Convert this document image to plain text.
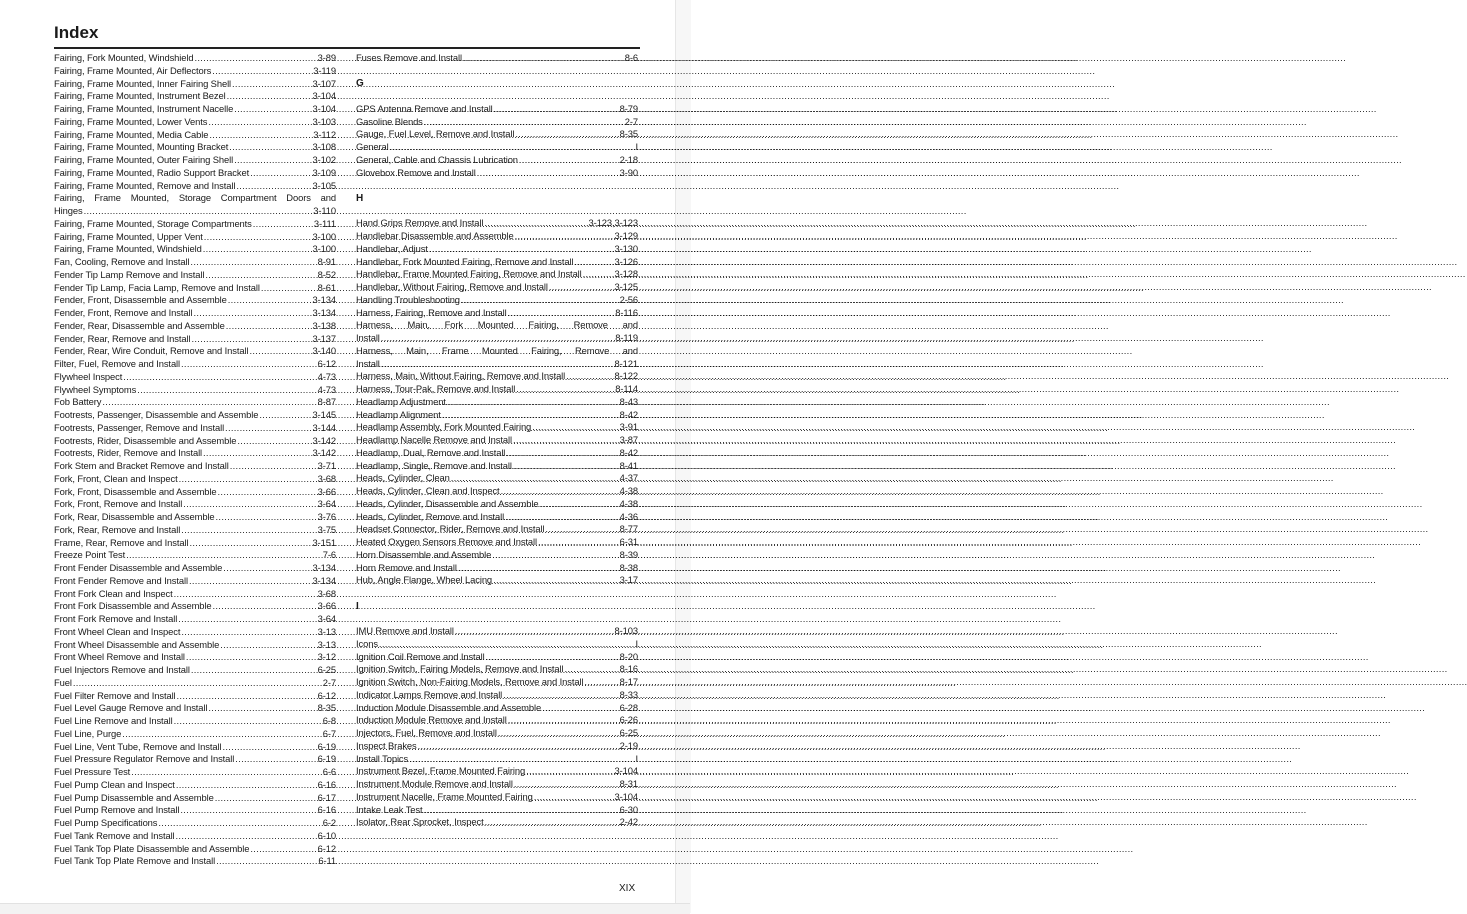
Index
Fairing, Fork Mounted, Windshield .....	3-89
Fairing, Frame Mounted, Air Deflectors .....	3-119
Fairing, Frame Mounted, Inner Fairing Shell .....	3-107
Fairing, Frame Mounted, Instrument Bezel .....	3-104
Fairing, Frame Mounted, Instrument Nacelle .....	3-104
Fairing, Frame Mounted, Lower Vents .....	3-103
Fairing, Frame Mounted, Media Cable .....	3-112
Fairing, Frame Mounted, Mounting Bracket .....	3-108
Fairing, Frame Mounted, Outer Fairing Shell .....	3-102
Fairing, Frame Mounted, Radio Support Bracket .....	3-109
Fairing, Frame Mounted, Remove and Install .....	3-105
Fairing, Frame Mounted, Storage Compartment Doors and
Hinges .....	3-110
Fairing, Frame Mounted, Storage Compartments .....	3-111
Fairing, Frame Mounted, Upper Vent .....	3-100
Fairing, Frame Mounted, Windshield .....	3-100
Fan, Cooling, Remove and Install .....	8-91
Fender Tip Lamp Remove and Install .....	8-52
Fender Tip Lamp, Facia Lamp, Remove and Install .....	8-61
Fender, Front, Disassemble and Assemble .....	3-134
Fender, Front, Remove and Install .....	3-134
Fender, Rear, Disassemble and Assemble .....	3-138
Fender, Rear, Remove and Install .....	3-137
Fender, Rear, Wire Conduit, Remove and Install .....	3-140
Filter, Fuel, Remove and Install .....	6-12
Flywheel Inspect .....	4-73
Flywheel Symptoms .....	4-73
Fob Battery .....	8-87
Footrests, Passenger, Disassemble and Assemble .....	3-145
Footrests, Passenger, Remove and Install .....	3-144
Footrests, Rider, Disassemble and Assemble .....	3-142
Footrests, Rider, Remove and Install .....	3-142
Fork Stem and Bracket Remove and Install .....	3-71
Fork, Front, Clean and Inspect .....	3-68
Fork, Front, Disassemble and Assemble .....	3-66
Fork, Front, Remove and Install .....	3-64
Fork, Rear, Disassemble and Assemble .....	3-76
Fork, Rear, Remove and Install .....	3-75
Frame, Rear, Remove and Install .....	3-151
Freeze Point Test .....	7-6
Front Fender Disassemble and Assemble .....	3-134
Front Fender Remove and Install .....	3-134
Front Fork Clean and Inspect .....	3-68
Front Fork Disassemble and Assemble .....	3-66
Front Fork Remove and Install .....	3-64
Front Wheel Clean and Inspect .....	3-13
Front Wheel Disassemble and Assemble .....	3-13
Front Wheel Remove and Install .....	3-12
Fuel Injectors Remove and Install .....	6-25
Fuel .....	2-7
Fuel Filter Remove and Install .....	6-12
Fuel Level Gauge Remove and Install .....	8-35
Fuel Line Remove and Install .....	6-8
Fuel Line, Purge .....	6-7
Fuel Line, Vent Tube, Remove and Install .....	6-19
Fuel Pressure Regulator Remove and Install .....	6-19
Fuel Pressure Test .....	6-6
Fuel Pump Clean and Inspect .....	6-16
Fuel Pump Disassemble and Assemble .....	6-17
Fuel Pump Remove and Install .....	6-16
Fuel Pump Specifications .....	6-2
Fuel Tank Remove and Install .....	6-10
Fuel Tank Top Plate Disassemble and Assemble .....	6-12
Fuel Tank Top Plate Remove and Install .....	6-11
Fuses Remove and Install .....	8-6
G
GPS Antenna Remove and Install .....	8-79
Gasoline Blends .....	2-7
Gauge, Fuel Level, Remove and Install .....	8-35
General .....	I
General, Cable and Chassis Lubrication .....	2-18
Glovebox Remove and Install .....	3-90
H
Hand Grips Remove and Install .....	3-123,3-123
Handlebar Disassemble and Assemble .....	3-129
Handlebar, Adjust .....	3-130
Handlebar, Fork Mounted Fairing, Remove and Install .....	3-126
Handlebar, Frame Mounted Fairing, Remove and Install .....	3-128
Handlebar, Without Fairing, Remove and Install .....	3-125
Handling Troubleshooting .....	2-56
Harness, Fairing, Remove and Install .....	8-116
Harness, Main, Fork Mounted Fairing, Remove and
Install .....	8-119
Harness, Main, Frame Mounted Fairing, Remove and
Install .....	8-121
Harness, Main, Without Fairing, Remove and Install .....	8-122
Harness, Tour-Pak, Remove and Install .....	8-114
Headlamp Adjustment .....	8-43
Headlamp Alignment .....	8-42
Headlamp Assembly, Fork Mounted Fairing .....	3-91
Headlamp Nacelle Remove and Install .....	3-87
Headlamp, Dual, Remove and Install .....	8-42
Headlamp, Single, Remove and Install .....	8-41
Heads, Cylinder, Clean .....	4-37
Heads, Cylinder, Clean and Inspect .....	4-38
Heads, Cylinder, Disassemble and Assemble .....	4-38
Heads, Cylinder, Remove and Install .....	4-36
Headset Connector, Rider, Remove and Install .....	8-77
Heated Oxygen Sensors Remove and Install .....	6-31
Horn Disassemble and Assemble .....	8-39
Horn Remove and Install .....	8-38
Hub, Angle Flange, Wheel Lacing .....	3-17
I
IMU Remove and Install .....	8-103
Icons .....	I
Ignition Coil Remove and Install .....	8-20
Ignition Switch, Fairing Models, Remove and Install .....	8-16
Ignition Switch, Non-Fairing Models, Remove and Install .....	8-17
Indicator Lamps Remove and Install .....	8-33
Induction Module Disassemble and Assemble .....	6-28
Induction Module Remove and Install .....	6-26
Injectors, Fuel, Remove and Install .....	6-25
Inspect Brakes .....	2-19
Install Topics .....	I
Instrument Bezel, Frame Mounted Fairing .....	3-104
Instrument Module Remove and Install .....	8-31
Instrument Nacelle, Frame Mounted Fairing .....	3-104
Intake Leak Test .....	6-30
Isolator, Rear Sprocket, Inspect .....	2-42
XIX
